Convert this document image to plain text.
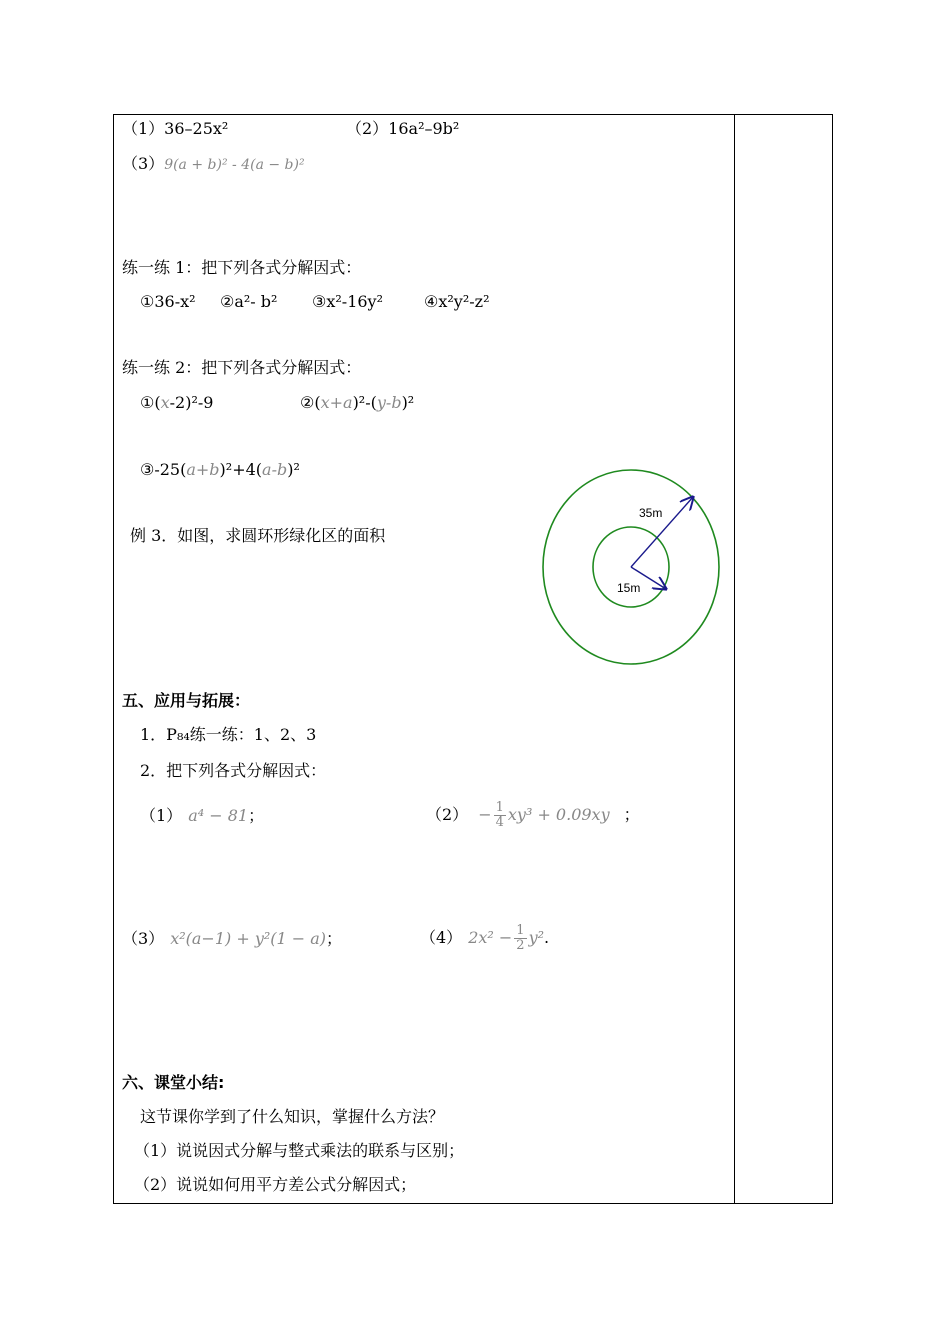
（1）36–25x²	（2）16a²–9b²
（3）9(a + b)² - 4(a − b)²
练一练 1：把下列各式分解因式：
①36-x² ②a²- b² ③x²-16y²	④x²y²-z²
练一练 2：把下列各式分解因式：
①(x-2)²-9	②(x+a)²-(y-b)²
③-25(a+b)²+4(a-b)²
例 3．如图，求圆环形绿化区的面积
35m
15m
五、应用与拓展：
1．P₈₄练一练：1、2、3
2．把下列各式分解因式：
（1） a⁴ − 81；	$(2) - \frac{1}{4} xy^3 + 0.09xy$ ；
（3） x²(a−1) + y²(1 − a)；	（4） $2x^2 - \frac{1}{2} y^2$.
六、课堂小结:
这节课你学到了什么知识，掌握什么方法？
（1）说说因式分解与整式乘法的联系与区别；
（2）说说如何用平方差公式分解因式；
